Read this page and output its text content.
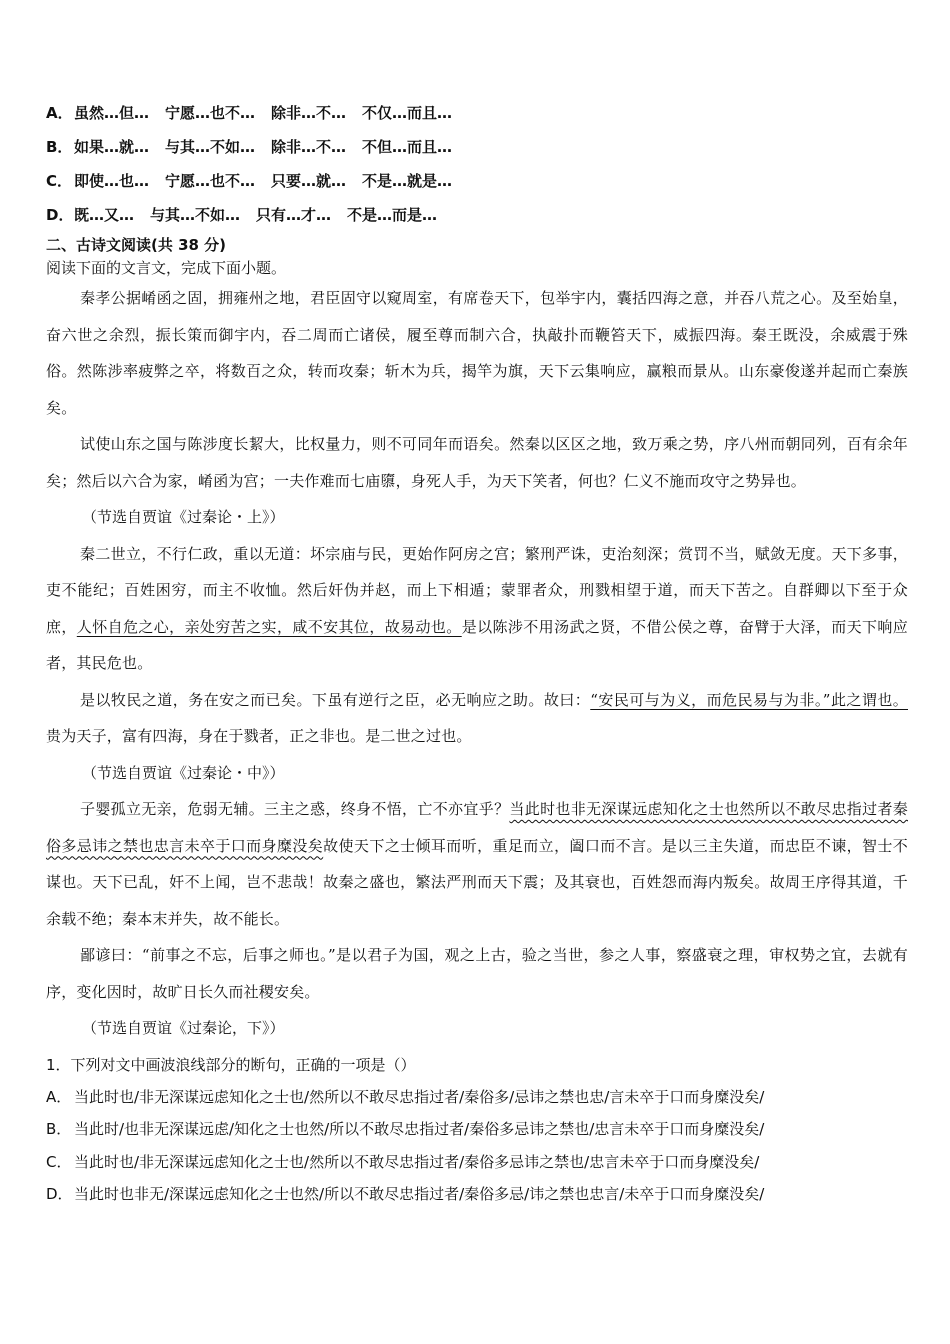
A．虽然…但… 宁愿…也不… 除非…不… 不仅…而且…
B． 如果…就… 与其…不如… 除非…不… 不但…而且…
C． 即使…也… 宁愿…也不… 只要…就… 不是…就是…
D．既…又… 与其…不如… 只有…才… 不是…而是…
二、古诗文阅读(共 38 分)
阅读下面的文言文，完成下面小题。
秦孝公据崤函之固，拥雍州之地，君臣固守以窥周室，有席卷天下，包举宇内，囊括四海之意，并吞八荒之心。及至始皇，奋六世之余烈，振长策而御宇内，吞二周而亡诸侯，履至尊而制六合，执敲扑而鞭笞天下，威振四海。秦王既没，余威震于殊俗。然陈涉率疲弊之卒，将数百之众，转而攻秦；斩木为兵，揭竿为旗，天下云集响应，赢粮而景从。山东豪俊遂并起而亡秦族矣。
试使山东之国与陈涉度长絜大，比权量力，则不可同年而语矣。然秦以区区之地，致万乘之势，序八州而朝同列，百有余年矣；然后以六合为家，崤函为宫；一夫作难而七庙隳，身死人手，为天下笑者，何也？仁义不施而攻守之势异也。
（节选自贾谊《过秦论・上》）
秦二世立，不行仁政，重以无道：坏宗庙与民，更始作阿房之宫；繁刑严诛，吏治刻深；赏罚不当，赋敛无度。天下多事，吏不能纪；百姓困穷，而主不收恤。然后奸伪并赵，而上下相遁；蒙罪者众，刑戮相望于道，而天下苦之。自群卿以下至于众庶，人怀自危之心，亲处穷苦之实，咸不安其位，故易动也。是以陈涉不用汤武之贤，不借公侯之尊，奋臂于大泽，而天下响应者，其民危也。
是以牧民之道，务在安之而已矣。下虽有逆行之臣，必无响应之助。故曰：“安民可与为义，而危民易与为非。”此之谓也。贵为天子，富有四海，身在于戮者，正之非也。是二世之过也。
（节选自贾谊《过秦论・中》）
子婴孤立无亲，危弱无辅。三主之惑，终身不悟，亡不亦宜乎？当此时也非无深谋远虑知化之士也然所以不敢尽忠指过者秦俗多忌讳之禁也忠言未卒于口而身糜没矣故使天下之士倾耳而听，重足而立，阖口而不言。是以三主失道，而忠臣不谏，智士不谋也。天下已乱，奸不上闻，岂不悲哉！故秦之盛也，繁法严刑而天下震；及其衰也，百姓怨而海内叛矣。故周王序得其道，千余载不绝；秦本末并失，故不能长。
鄙谚曰：“前事之不忘，后事之师也。”是以君子为国，观之上古，验之当世，参之人事，察盛衰之理，审权势之宜，去就有序，变化因时，故旷日长久而社稷安矣。
（节选自贾谊《过秦论，下》）
1．下列对文中画波浪线部分的断句，正确的一项是（）
A． 当此时也/非无深谋远虑知化之士也/然所以不敢尽忠指过者/秦俗多/忌讳之禁也忠/言未卒于口而身糜没矣/
B． 当此时/也非无深谋远虑/知化之士也然/所以不敢尽忠指过者/秦俗多忌讳之禁也/忠言未卒于口而身糜没矣/
C． 当此时也/非无深谋远虑知化之士也/然所以不敢尽忠指过者/秦俗多忌讳之禁也/忠言未卒于口而身糜没矣/
D．当此时也非无/深谋远虑知化之士也然/所以不敢尽忠指过者/秦俗多忌/讳之禁也忠言/未卒于口而身糜没矣/
